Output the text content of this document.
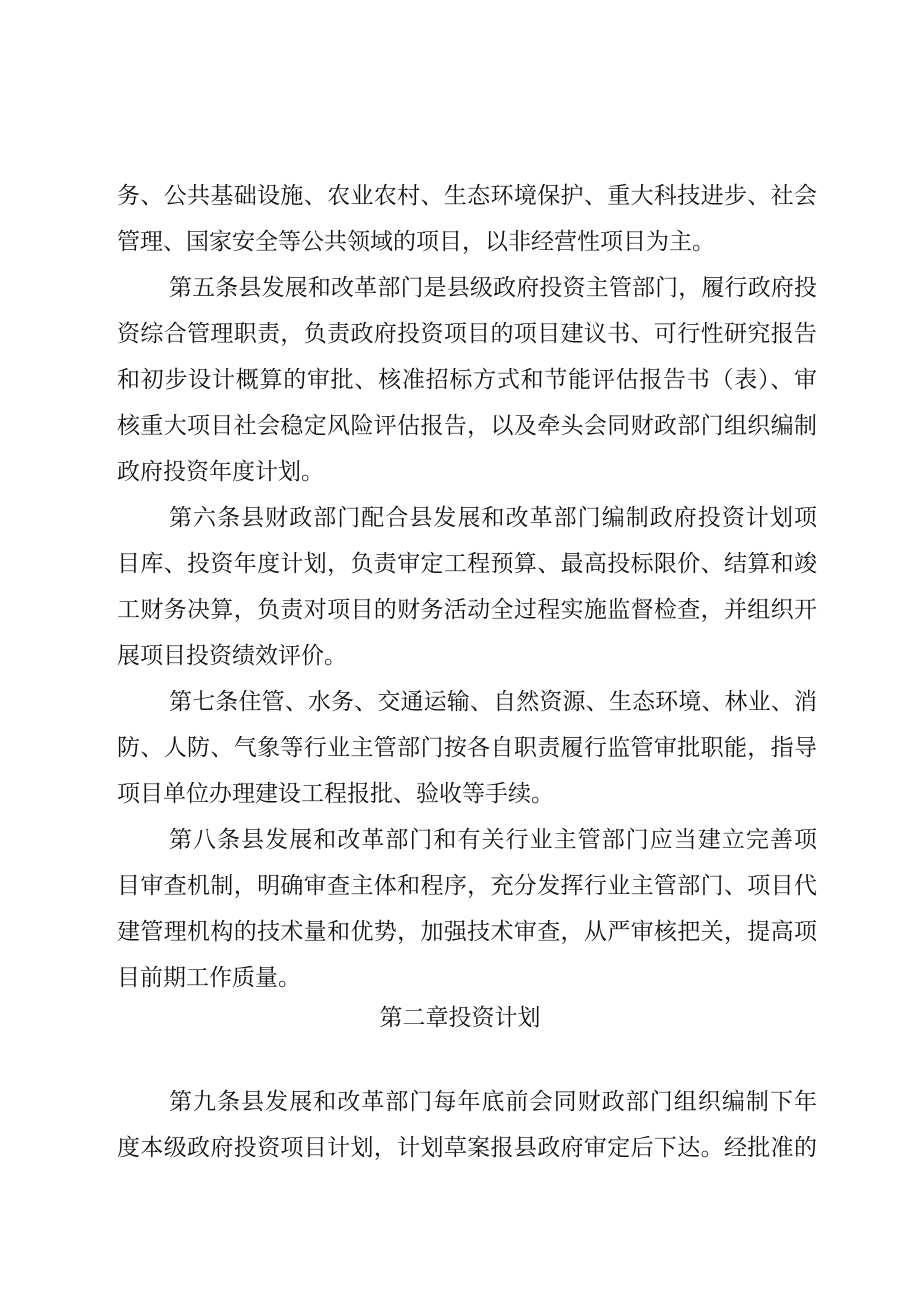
务、公共基础设施、农业农村、生态环境保护、重大科技进步、社会
管理、国家安全等公共领域的项目，以非经营性项目为主。
第五条县发展和改革部门是县级政府投资主管部门，履行政府投
资综合管理职责，负责政府投资项目的项目建议书、可行性研究报告
和初步设计概算的审批、核准招标方式和节能评估报告书（表）、审
核重大项目社会稳定风险评估报告，以及牵头会同财政部门组织编制
政府投资年度计划。
第六条县财政部门配合县发展和改革部门编制政府投资计划项
目库、投资年度计划，负责审定工程预算、最高投标限价、结算和竣
工财务决算，负责对项目的财务活动全过程实施监督检查，并组织开
展项目投资绩效评价。
第七条住管、水务、交通运输、自然资源、生态环境、林业、消
防、人防、气象等行业主管部门按各自职责履行监管审批职能，指导
项目单位办理建设工程报批、验收等手续。
第八条县发展和改革部门和有关行业主管部门应当建立完善项
目审查机制，明确审查主体和程序，充分发挥行业主管部门、项目代
建管理机构的技术量和优势，加强技术审查，从严审核把关，提高项
目前期工作质量。
第二章投资计划
第九条县发展和改革部门每年底前会同财政部门组织编制下年
度本级政府投资项目计划，计划草案报县政府审定后下达。经批准的
